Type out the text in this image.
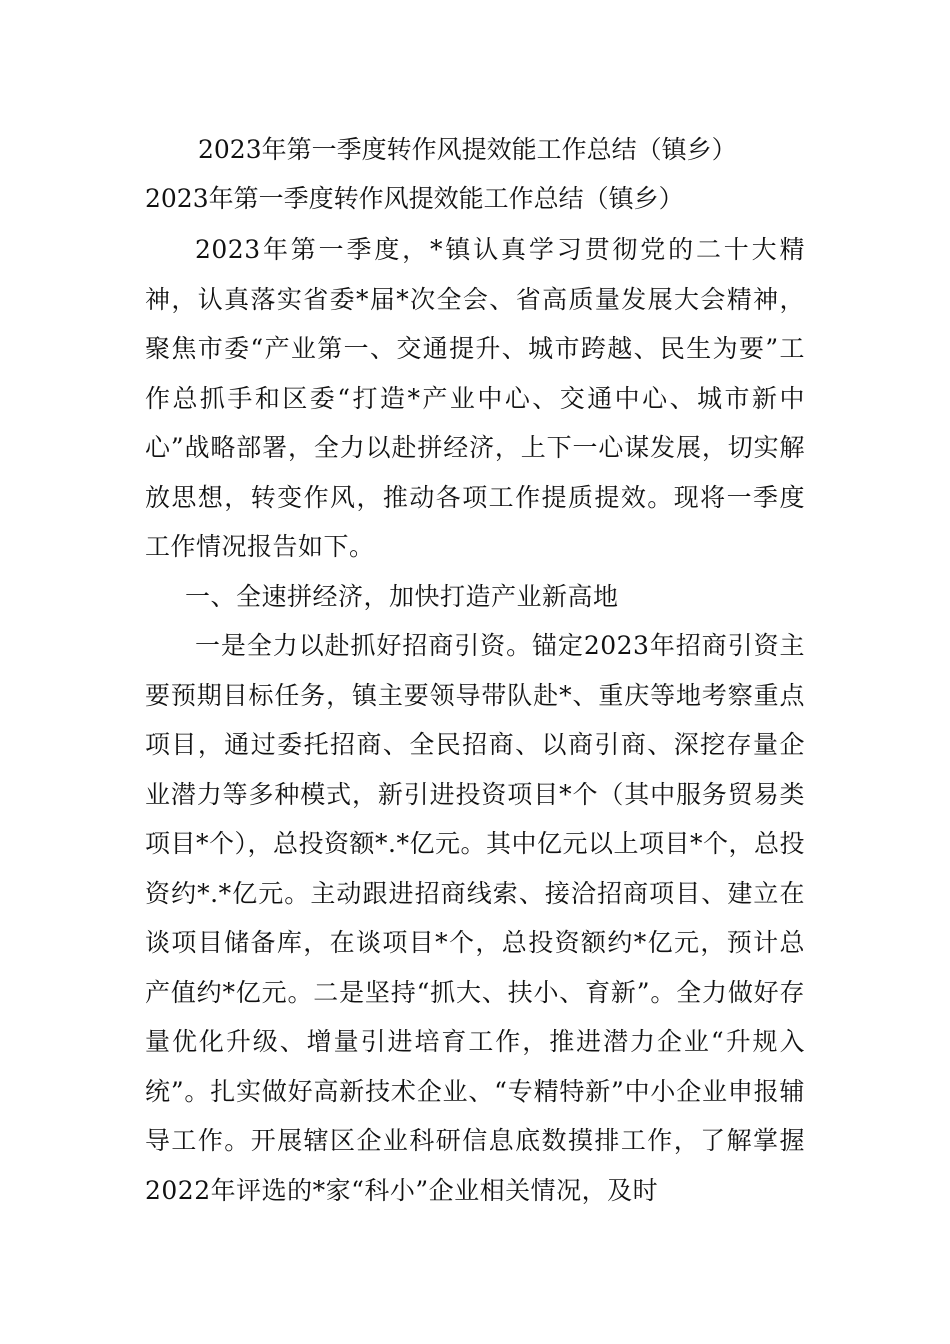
2023年第一季度转作风提效能工作总结（镇乡）
2023年第一季度转作风提效能工作总结（镇乡）

2023年第一季度，*镇认真学习贯彻党的二十大精神，认真落实省委*届*次全会、省高质量发展大会精神，聚焦市委“产业第一、交通提升、城市跨越、民生为要”工作总抓手和区委“打造*产业中心、交通中心、城市新中心”战略部署，全力以赴拼经济，上下一心谋发展，切实解放思想，转变作风，推动各项工作提质提效。现将一季度工作情况报告如下。

一、全速拼经济，加快打造产业新高地

一是全力以赴抓好招商引资。锚定2023年招商引资主要预期目标任务，镇主要领导带队赴*、重庆等地考察重点项目，通过委托招商、全民招商、以商引商、深挖存量企业潜力等多种模式，新引进投资项目*个（其中服务贸易类项目*个），总投资额*.*亿元。其中亿元以上项目*个，总投资约*.*亿元。主动跟进招商线索、接洽招商项目、建立在谈项目储备库，在谈项目*个，总投资额约*亿元，预计总产值约*亿元。二是坚持“抓大、扶小、育新”。全力做好存量优化升级、增量引进培育工作，推进潜力企业“升规入统”。扎实做好高新技术企业、“专精特新”中小企业申报辅导工作。开展辖区企业科研信息底数摸排工作，了解掌握2022年评选的*家“科小”企业相关情况，及时
